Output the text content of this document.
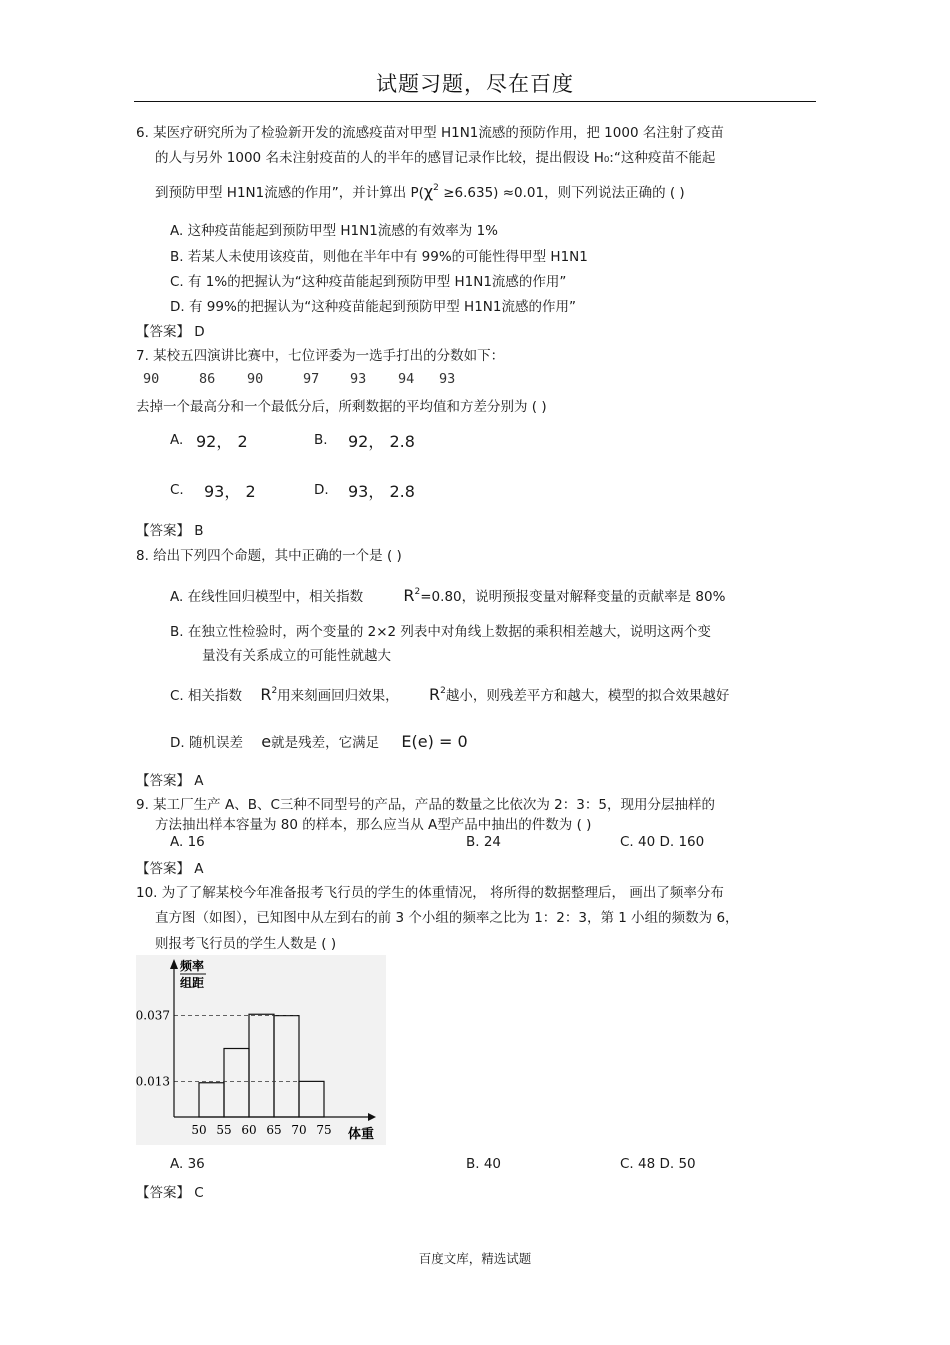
试题习题，尽在百度
6. 某医疗研究所为了检验新开发的流感疫苗对甲型 H1N1流感的预防作用，把 1000 名注射了疫苗
的人与另外 1000 名未注射疫苗的人的半年的感冒记录作比较，提出假设 H₀:“这种疫苗不能起
到预防甲型 H1N1流感的作用”，并计算出 $P(\chi^2 \ge 6.635) \approx 0.01$，则下列说法正确的 ( )
A. 这种疫苗能起到预防甲型 H1N1流感的有效率为 1%
B. 若某人未使用该疫苗，则他在半年中有 99%的可能性得甲型 H1N1
C. 有 1%的把握认为“这种疫苗能起到预防甲型 H1N1流感的作用”
D. 有 99%的把握认为“这种疫苗能起到预防甲型 H1N1流感的作用”
【答案】 D
7. 某校五四演讲比赛中，七位评委为一选手打出的分数如下：
90	86 90	97 93 94 93
去掉一个最高分和一个最低分后，所剩数据的平均值和方差分别为 ( )
A. 92， 2	B. 92， 2.8
C. 93， 2	D. 93， 2.8
【答案】 B
8. 给出下列四个命题，其中正确的一个是 ( )
A. 在线性回归模型中，相关指数	$R^2=0.80$，说明预报变量对解释变量的贡献率是 80%
B. 在独立性检验时，两个变量的 2×2 列表中对角线上数据的乘积相差越大，说明这两个变
量没有关系成立的可能性就越大
C. 相关指数 $R^2$用来刻画回归效果， $R^2$越小，则残差平方和越大，模型的拟合效果越好
D. 随机误差 e就是残差，它满足 E(e) = 0
【答案】 A
9. 某工厂生产 A、B、C三种不同型号的产品，产品的数量之比依次为 2：3：5，现用分层抽样的
方法抽出样本容量为 80 的样本，那么应当从 A型产品中抽出的件数为 ( )
A. 16	B. 24	C. 40 D. 160
【答案】 A
10. 为了了解某校今年准备报考飞行员的学生的体重情况， 将所得的数据整理后， 画出了频率分布
直方图（如图），已知图中从左到右的前 3 个小组的频率之比为 1：2：3，第 1 小组的频数为 6，
则报考飞行员的学生人数是 ( )
频率
组距
体重
50 55 60 65 70 75
0.037
0.013
A. 36	B. 40	C. 48 D. 50
【答案】 C
百度文库，精选试题
